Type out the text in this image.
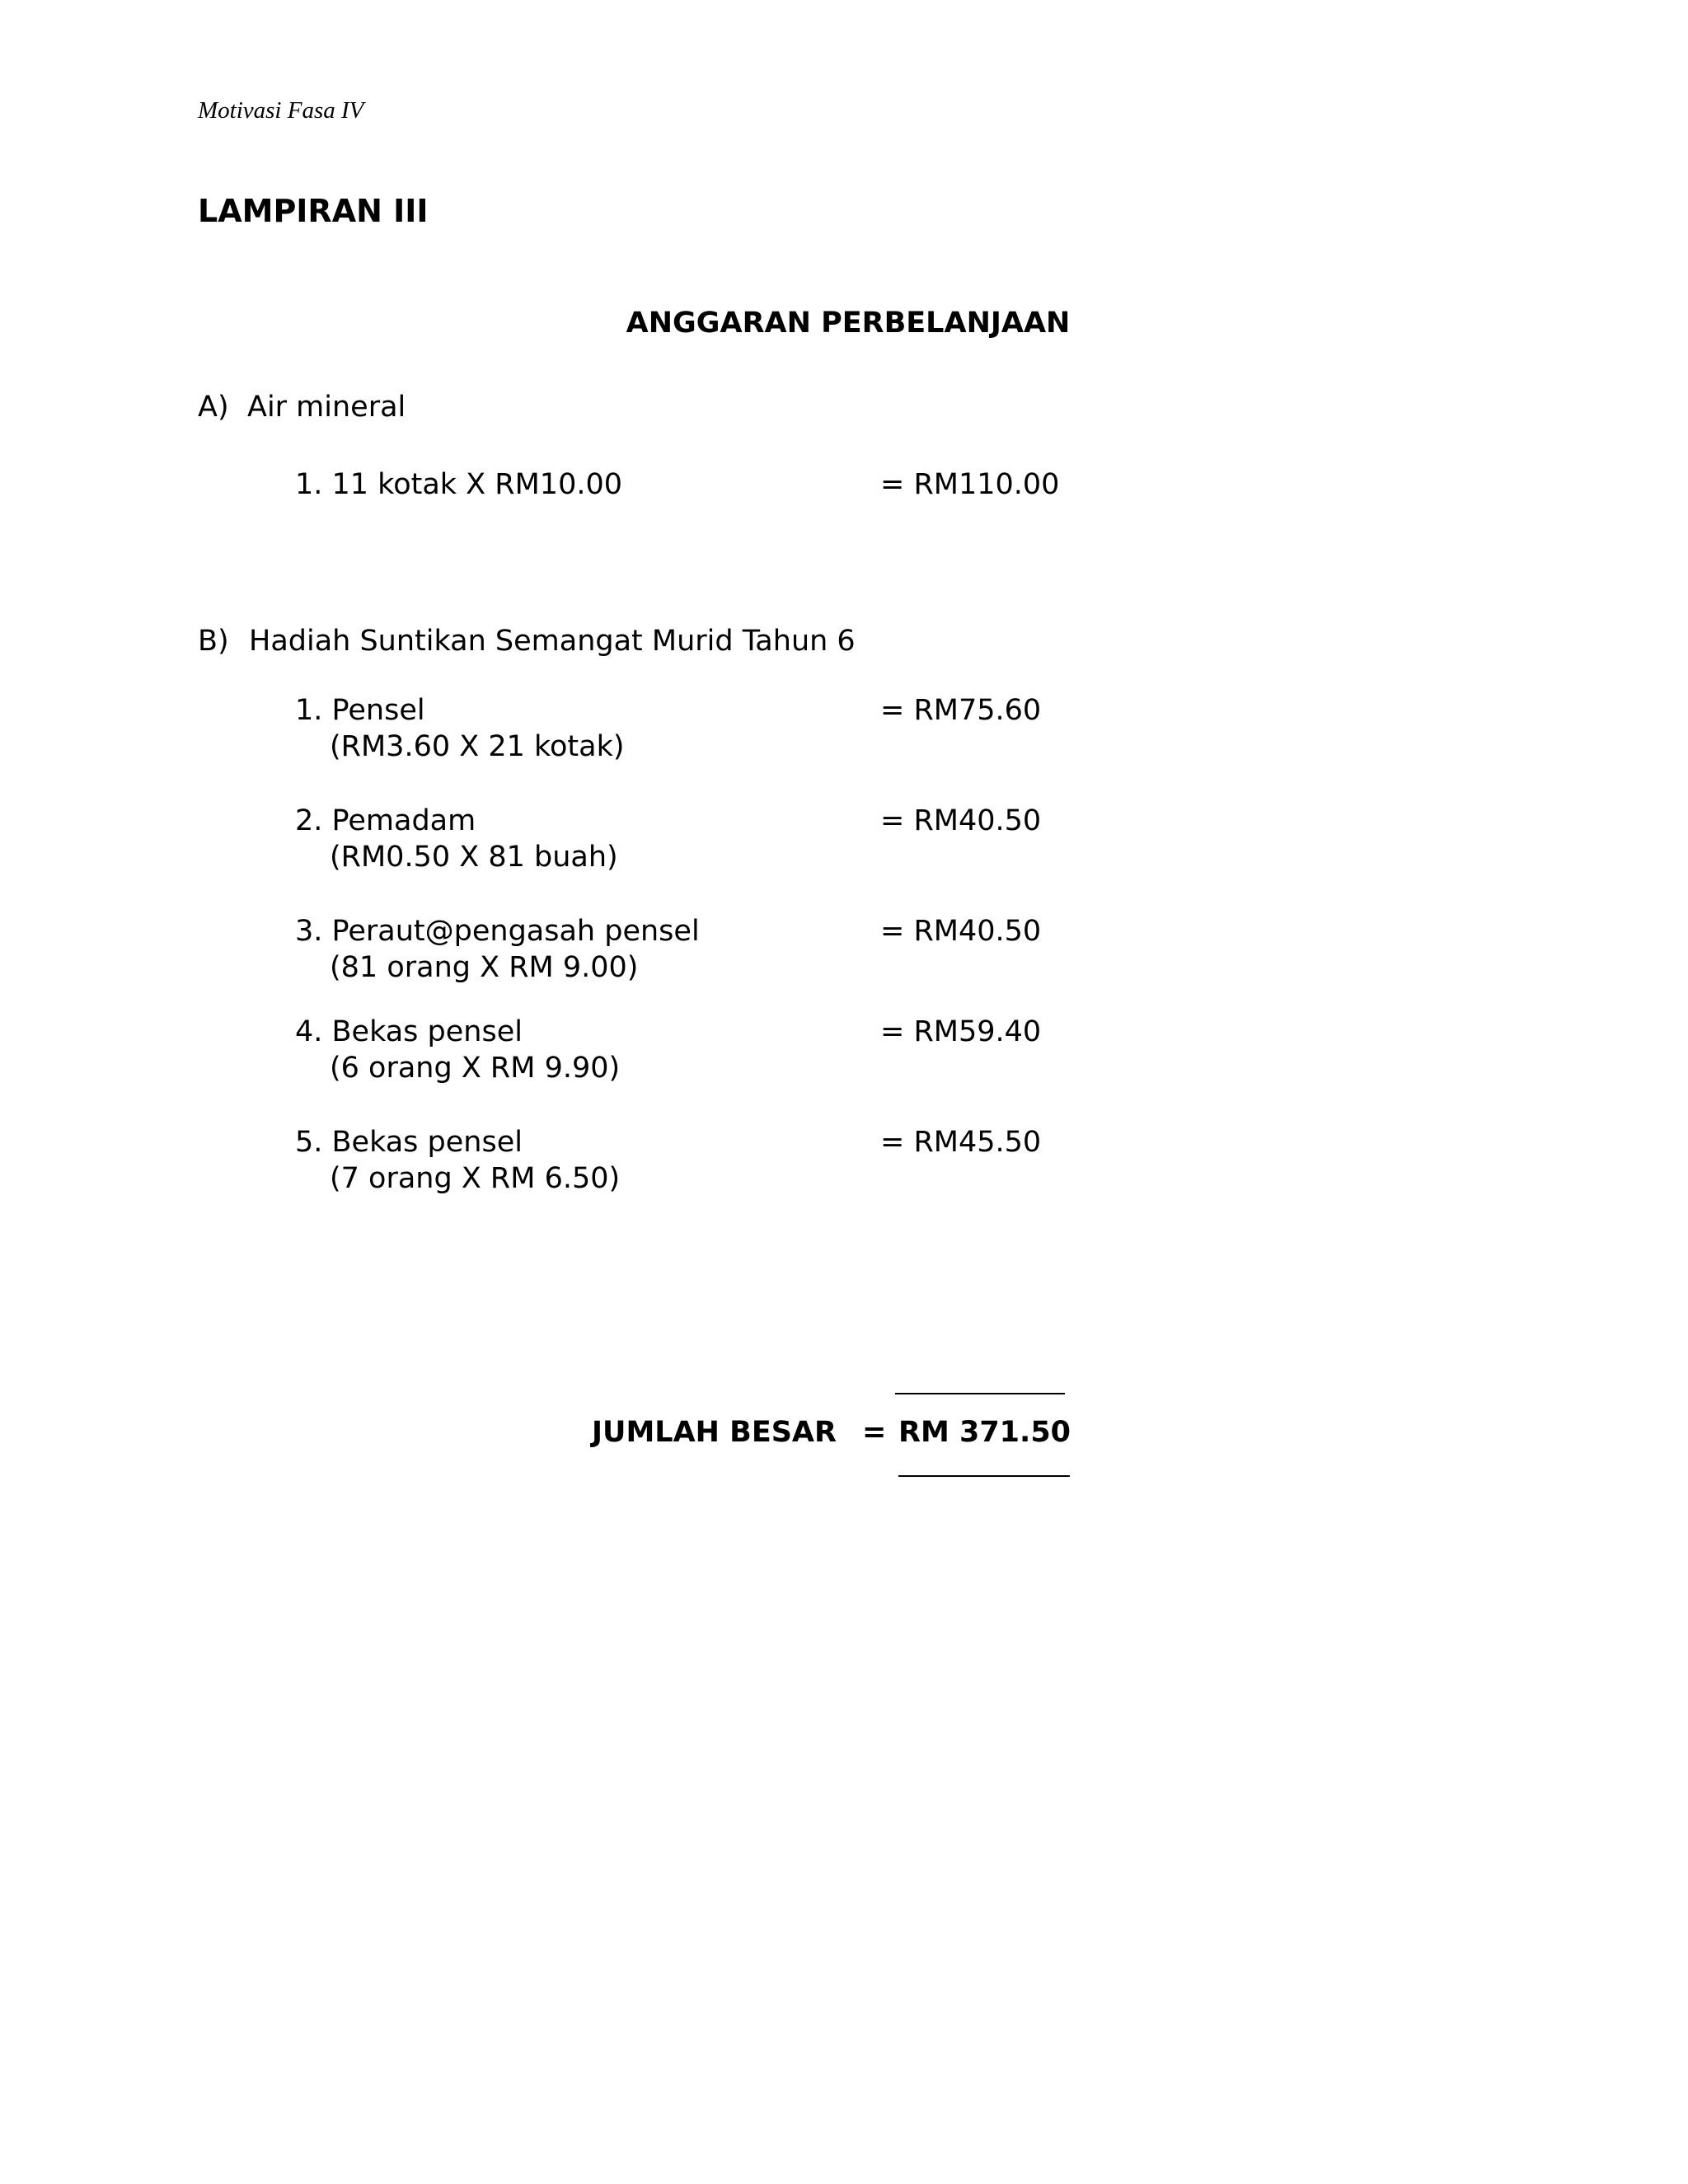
Motivasi Fasa IV
LAMPIRAN III
ANGGARAN PERBELANJAAN
A) Air mineral
1. 11 kotak X RM10.00	= RM110.00
B) Hadiah Suntikan Semangat Murid Tahun 6
1. Pensel
(RM3.60 X 21 kotak)
= RM75.60
2. Pemadam
(RM0.50 X 81 buah)
= RM40.50
3. Peraut@pengasah pensel
(81 orang X RM 9.00)
= RM40.50
4. Bekas pensel
(6 orang X RM 9.90)
= RM59.40
5. Bekas pensel
(7 orang X RM 6.50)
= RM45.50
JUMLAH BESAR = RM 371.50
